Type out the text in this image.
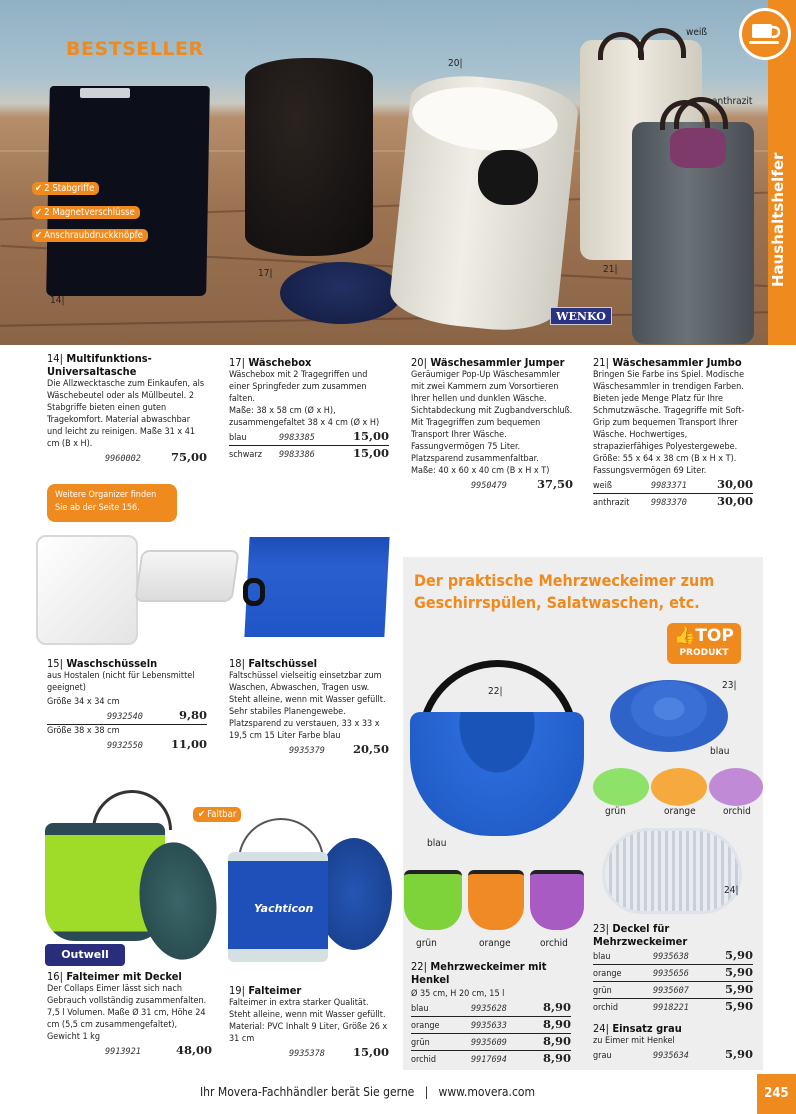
BESTSELLER
WENKO
✔ 2 Stabgriffe
✔ 2 Magnetverschlüsse
✔ Anschraubdruckknöpfe
14|
17|
20|
21|
weiß
anthrazit
Haushaltshelfer
14| Multifunktions-Universaltasche

Die Allzwecktasche zum Einkaufen, als Wäschebeutel oder als Müllbeutel. 2 Stabgriffe bieten einen guten Tragekomfort. Material abwaschbar und leicht zu reinigen. Maße 31 x 41 cm (B x H).

9960002	75,00
Weitere Organizer finden Sie ab der Seite 156.
17| Wäschebox

Wäschebox mit 2 Tragegriffen und einer Springfeder zum zusammen falten.

Maße: 38 x 58 cm (Ø x H), zusammengefaltet 38 x 4 cm (Ø x H)

blau	9983385	15,00
schwarz	9983386	15,00
20| Wäschesammler Jumper

Geräumiger Pop-Up Wäschesammler mit zwei Kammern zum Vorsortieren Ihrer hellen und dunklen Wäsche. Sichtabdeckung mit Zugbandverschluß. Mit Tragegriffen zum bequemen Transport Ihrer Wäsche. Fassungvermögen 75 Liter. Platzsparend zusammenfaltbar.

Maße: 40 x 60 x 40 cm (B x H x T)

9950479	37,50
21| Wäschesammler Jumbo

Bringen Sie Farbe ins Spiel. Modische Wäschesammler in trendigen Farben. Bieten jede Menge Platz für Ihre Schmutzwäsche. Tragegriffe mit Soft-Grip zum bequemen Transport Ihrer Wäsche. Hochwertiges, strapazierfähiges Polyestergewebe.

Größe: 55 x 64 x 38 cm (B x H x T). Fassungsvermögen 69 Liter.

weiß	9983371	30,00
anthrazit	9983370	30,00
15| Waschschüsseln

aus Hostalen (nicht für Lebensmittel geeignet)

Größe 34 x 34 cm

9932540	9,80

Größe 38 x 38 cm

9932550	11,00
18| Faltschüssel

Faltschüssel vielseitig einsetzbar zum Waschen, Abwaschen, Tragen usw. Steht alleine, wenn mit Wasser gefüllt. Sehr stabiles Planengewebe. Platzsparend zu verstauen, 33 x 33 x 19,5 cm 15 Liter Farbe blau

9935379	20,50
Outwell
✔ Faltbar
Yachticon
16| Falteimer mit Deckel

Der Collaps Eimer lässt sich nach Gebrauch vollständig zusammenfalten. 7,5 l Volumen. Maße Ø 31 cm, Höhe 24 cm (5,5 cm zusammengefaltet), Gewicht 1 kg

9913921	48,00
19| Falteimer

Falteimer in extra starker Qualität. Steht alleine, wenn mit Wasser gefüllt. Material: PVC Inhalt 9 Liter, Größe 26 x 31 cm

9935378	15,00
Der praktische Mehrzweckeimer zum Geschirrspülen, Salatwaschen, etc.
👍TOP
PRODUKT
22|
blau
grün	orange	orchid
23|
blau
grün	orange	orchid
24|
22| Mehrzweckeimer mit Henkel

Ø 35 cm, H 20 cm, 15 l

blau	9935628	8,90
orange	9935633	8,90
grün	9935609	8,90
orchid	9917694	8,90
23| Deckel für Mehrzweckeimer
blau	9935638	5,90
orange	9935656	5,90
grün	9935607	5,90
orchid	9918221	5,90
24| Einsatz grau

zu Eimer mit Henkel

grau	9935634	5,90
Ihr Movera-Fachhändler berät Sie gerne   |   www.movera.com	245
